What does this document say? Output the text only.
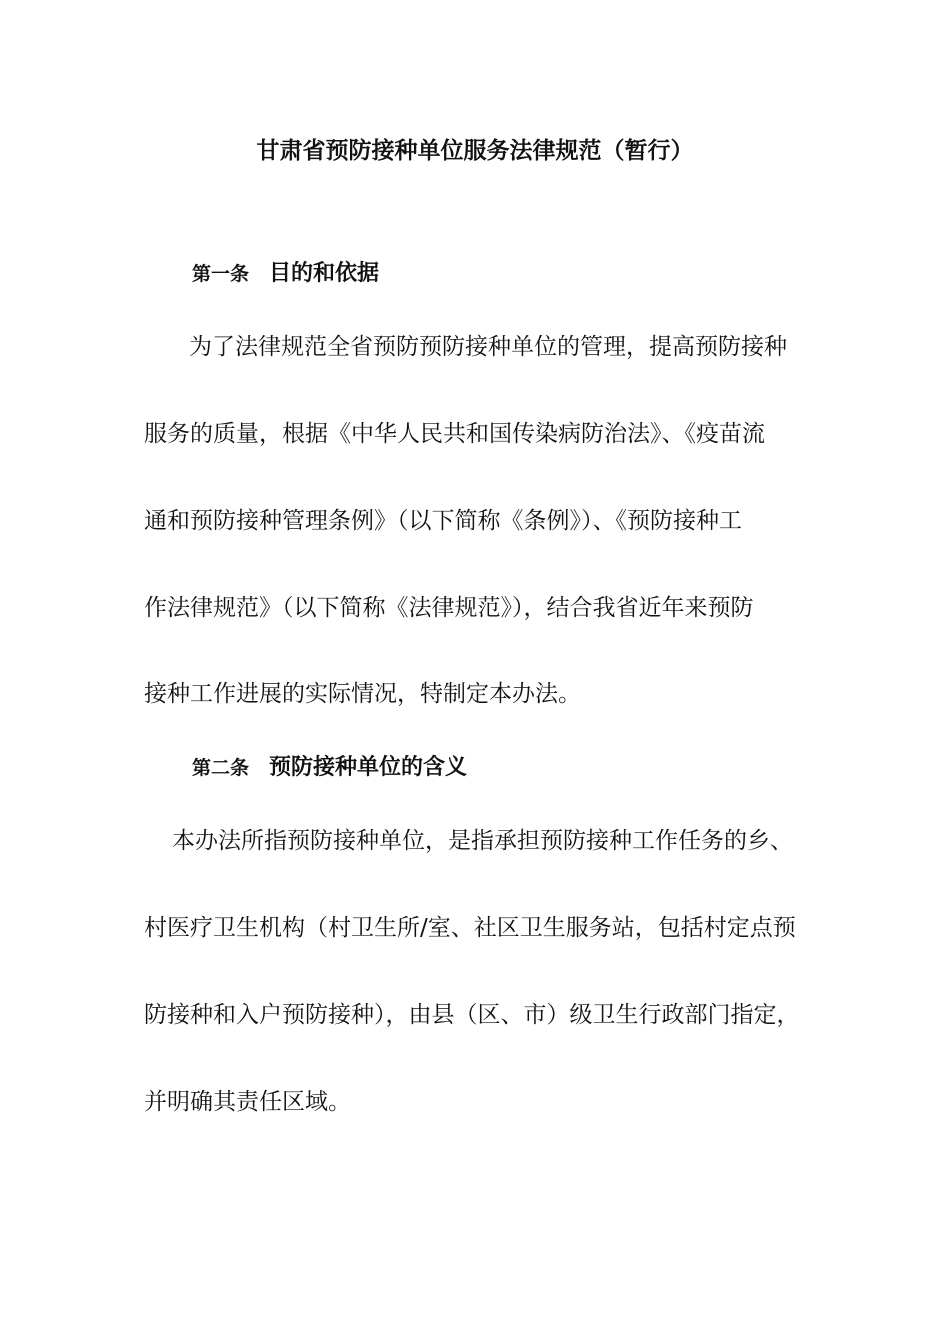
甘肃省预防接种单位服务法律规范（暂行）
第一条 目的和依据
为了法律规范全省预防预防接种单位的管理，提高预防接种
服务的质量，根据《中华人民共和国传染病防治法》、《疫苗流
通和预防接种管理条例》（以下简称《条例》）、《预防接种工
作法律规范》（以下简称《法律规范》），结合我省近年来预防
接种工作进展的实际情况，特制定本办法。
第二条 预防接种单位的含义
本办法所指预防接种单位，是指承担预防接种工作任务的乡、
村医疗卫生机构（村卫生所/室、社区卫生服务站，包括村定点预
防接种和入户预防接种），由县（区、市）级卫生行政部门指定，
并明确其责任区域。
